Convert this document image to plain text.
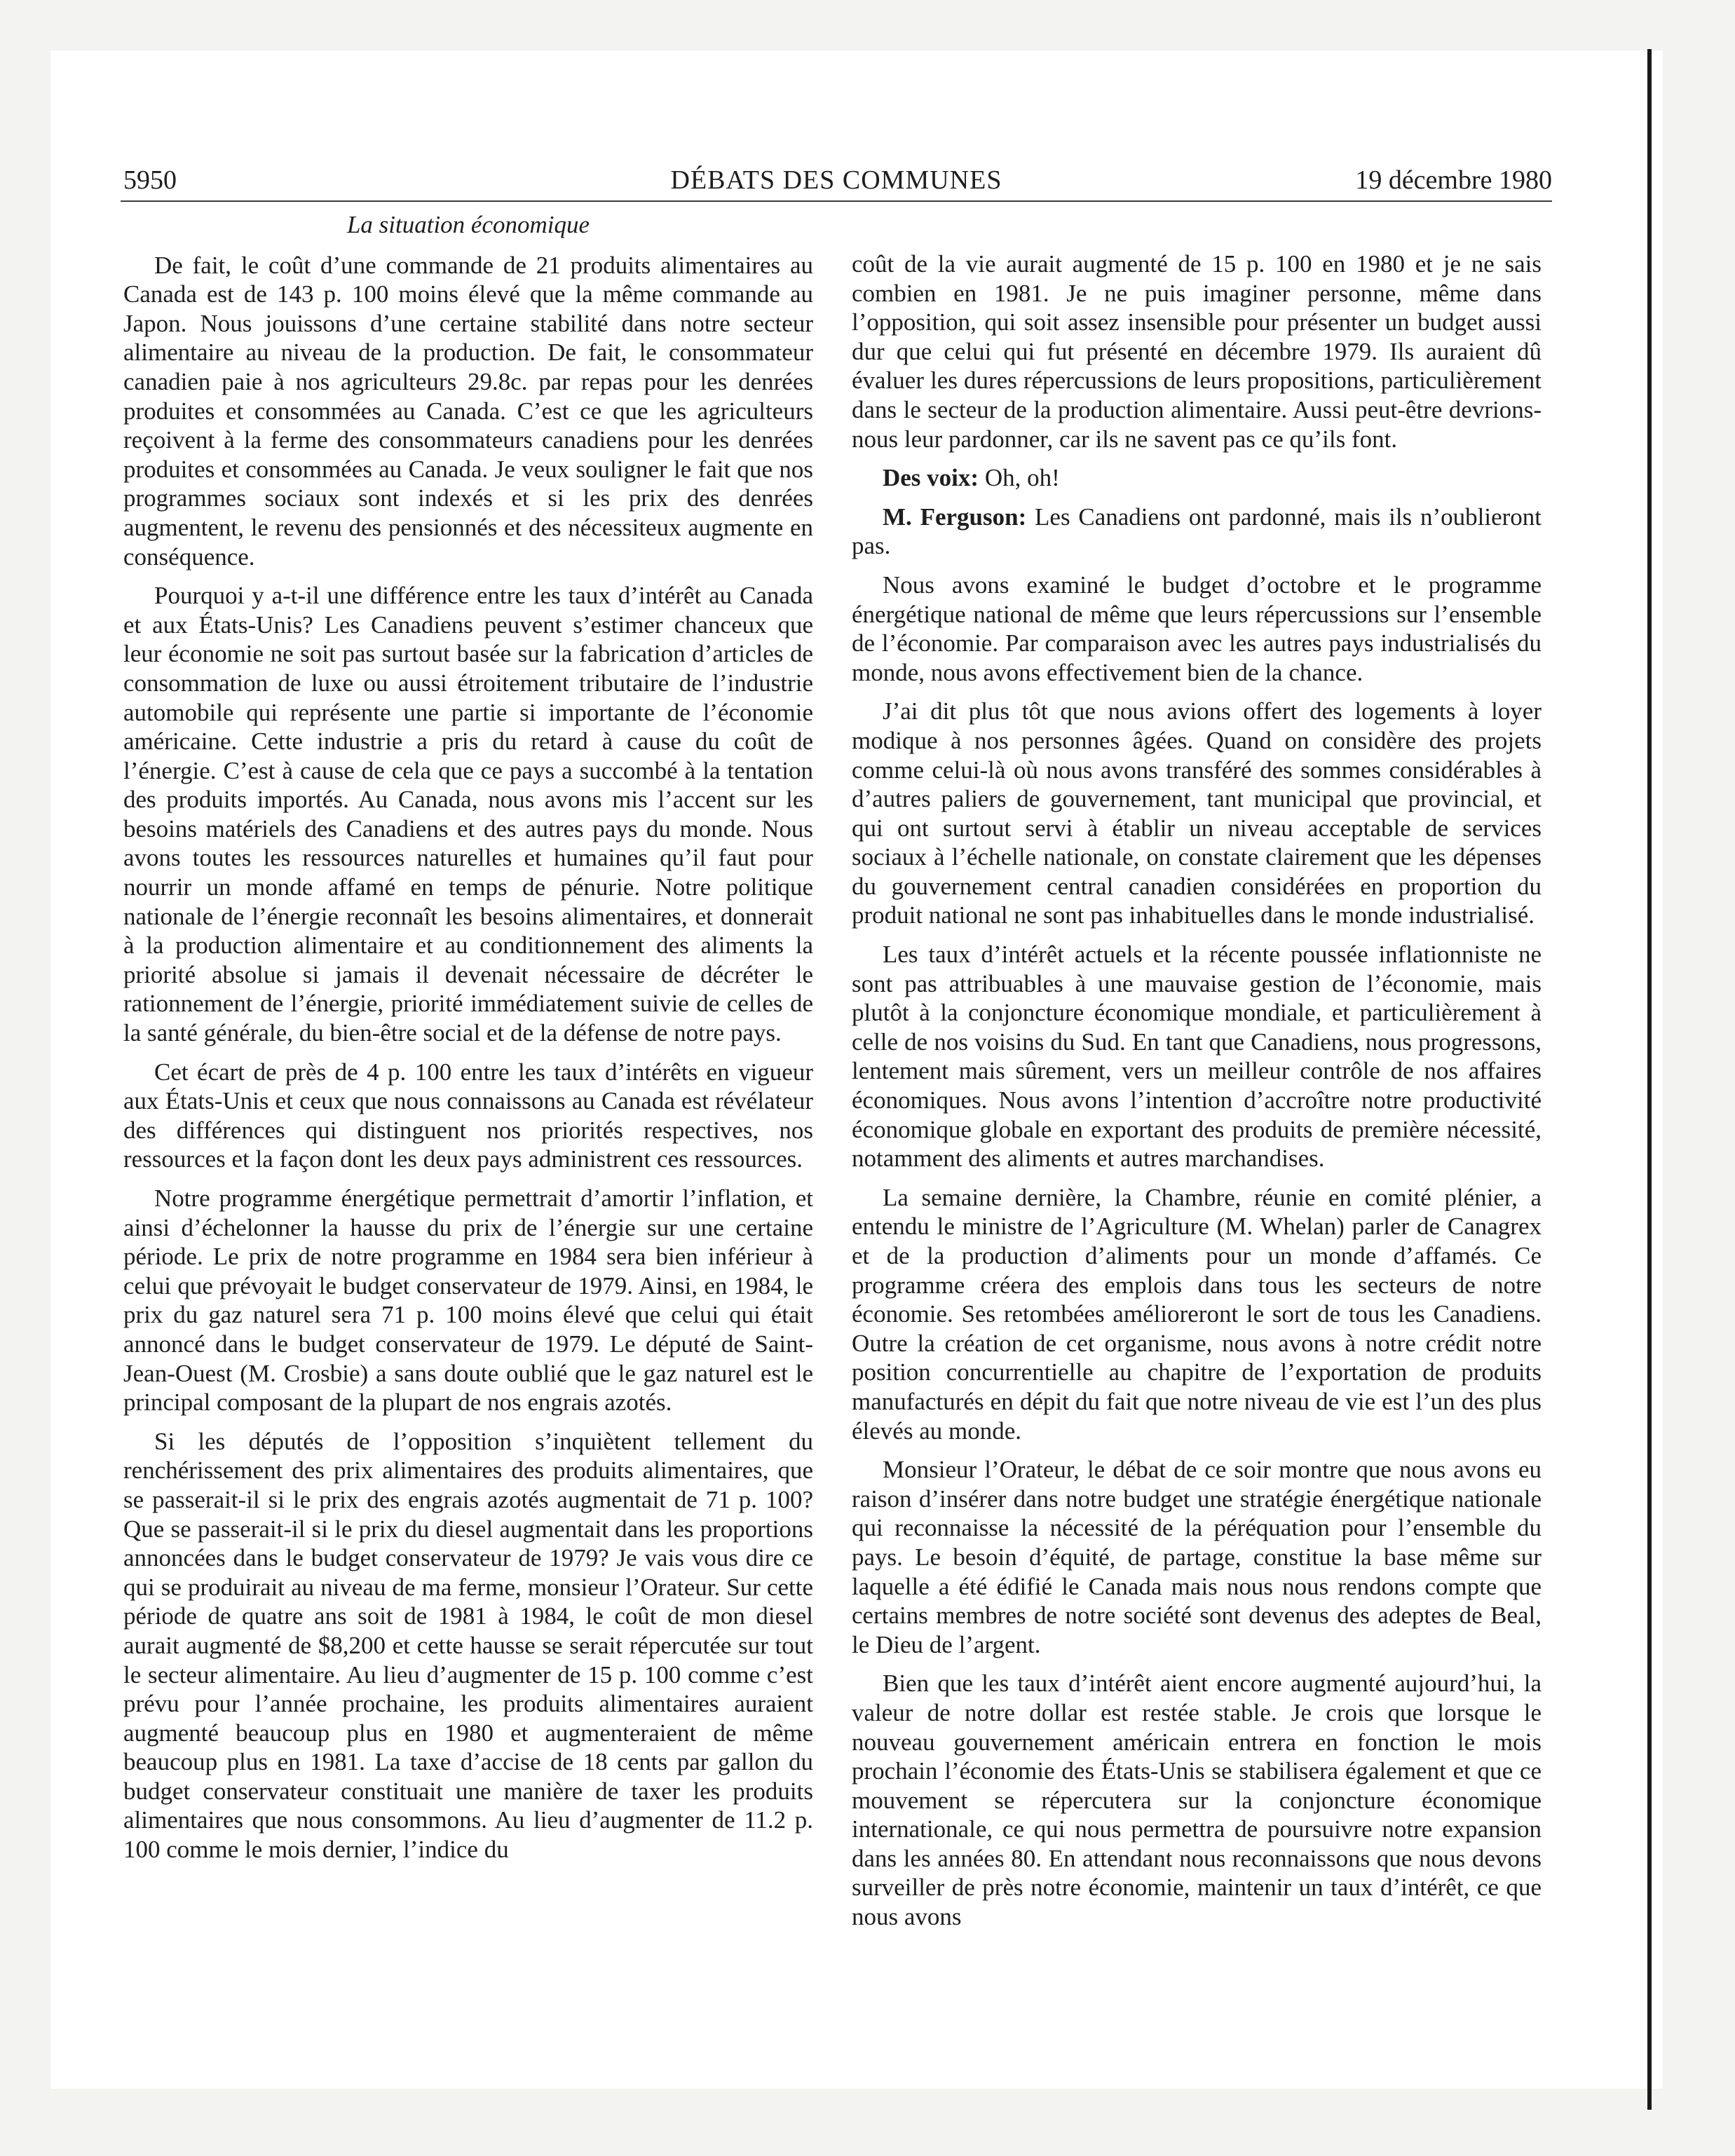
5950	DÉBATS DES COMMUNES	19 décembre 1980
La situation économique

De fait, le coût d’une commande de 21 produits alimentaires au Canada est de 143 p. 100 moins élevé que la même commande au Japon. Nous jouissons d’une certaine stabilité dans notre secteur alimentaire au niveau de la production. De fait, le consommateur canadien paie à nos agriculteurs 29.8c. par repas pour les denrées produites et consommées au Canada. C’est ce que les agriculteurs reçoivent à la ferme des consommateurs canadiens pour les denrées produites et consommées au Canada. Je veux souligner le fait que nos programmes sociaux sont indexés et si les prix des denrées augmentent, le revenu des pensionnés et des nécessiteux augmente en conséquence.

Pourquoi y a-t-il une différence entre les taux d’intérêt au Canada et aux États-Unis? Les Canadiens peuvent s’estimer chanceux que leur économie ne soit pas surtout basée sur la fabrication d’articles de consommation de luxe ou aussi étroitement tributaire de l’industrie automobile qui représente une partie si importante de l’économie américaine. Cette industrie a pris du retard à cause du coût de l’énergie. C’est à cause de cela que ce pays a succombé à la tentation des produits importés. Au Canada, nous avons mis l’accent sur les besoins matériels des Canadiens et des autres pays du monde. Nous avons toutes les ressources naturelles et humaines qu’il faut pour nourrir un monde affamé en temps de pénurie. Notre politique nationale de l’énergie reconnaît les besoins alimentaires, et donnerait à la production alimentaire et au conditionnement des aliments la priorité absolue si jamais il devenait nécessaire de décréter le rationnement de l’énergie, priorité immédiatement suivie de celles de la santé générale, du bien-être social et de la défense de notre pays.

Cet écart de près de 4 p. 100 entre les taux d’intérêts en vigueur aux États-Unis et ceux que nous connaissons au Canada est révélateur des différences qui distinguent nos priorités respectives, nos ressources et la façon dont les deux pays administrent ces ressources.

Notre programme énergétique permettrait d’amortir l’inflation, et ainsi d’échelonner la hausse du prix de l’énergie sur une certaine période. Le prix de notre programme en 1984 sera bien inférieur à celui que prévoyait le budget conservateur de 1979. Ainsi, en 1984, le prix du gaz naturel sera 71 p. 100 moins élevé que celui qui était annoncé dans le budget conservateur de 1979. Le député de Saint-Jean-Ouest (M. Crosbie) a sans doute oublié que le gaz naturel est le principal composant de la plupart de nos engrais azotés.

Si les députés de l’opposition s’inquiètent tellement du renchérissement des prix alimentaires des produits alimentaires, que se passerait-il si le prix des engrais azotés augmentait de 71 p. 100? Que se passerait-il si le prix du diesel augmentait dans les proportions annoncées dans le budget conservateur de 1979? Je vais vous dire ce qui se produirait au niveau de ma ferme, monsieur l’Orateur. Sur cette période de quatre ans soit de 1981 à 1984, le coût de mon diesel aurait augmenté de $8,200 et cette hausse se serait répercutée sur tout le secteur alimentaire. Au lieu d’augmenter de 15 p. 100 comme c’est prévu pour l’année prochaine, les produits alimentaires auraient augmenté beaucoup plus en 1980 et augmenteraient de même beaucoup plus en 1981. La taxe d’accise de 18 cents par gallon du budget conservateur constituait une manière de taxer les produits alimentaires que nous consommons. Au lieu d’augmenter de 11.2 p. 100 comme le mois dernier, l’indice du

coût de la vie aurait augmenté de 15 p. 100 en 1980 et je ne sais combien en 1981. Je ne puis imaginer personne, même dans l’opposition, qui soit assez insensible pour présenter un budget aussi dur que celui qui fut présenté en décembre 1979. Ils auraient dû évaluer les dures répercussions de leurs propositions, particulièrement dans le secteur de la production alimentaire. Aussi peut-être devrions-nous leur pardonner, car ils ne savent pas ce qu’ils font.

Des voix: Oh, oh!

M. Ferguson: Les Canadiens ont pardonné, mais ils n’oublieront pas.

Nous avons examiné le budget d’octobre et le programme énergétique national de même que leurs répercussions sur l’ensemble de l’économie. Par comparaison avec les autres pays industrialisés du monde, nous avons effectivement bien de la chance.

J’ai dit plus tôt que nous avions offert des logements à loyer modique à nos personnes âgées. Quand on considère des projets comme celui-là où nous avons transféré des sommes considérables à d’autres paliers de gouvernement, tant municipal que provincial, et qui ont surtout servi à établir un niveau acceptable de services sociaux à l’échelle nationale, on constate clairement que les dépenses du gouvernement central canadien considérées en proportion du produit national ne sont pas inhabituelles dans le monde industrialisé.

Les taux d’intérêt actuels et la récente poussée inflationniste ne sont pas attribuables à une mauvaise gestion de l’économie, mais plutôt à la conjoncture économique mondiale, et particulièrement à celle de nos voisins du Sud. En tant que Canadiens, nous progressons, lentement mais sûrement, vers un meilleur contrôle de nos affaires économiques. Nous avons l’intention d’accroître notre productivité économique globale en exportant des produits de première nécessité, notamment des aliments et autres marchandises.

La semaine dernière, la Chambre, réunie en comité plénier, a entendu le ministre de l’Agriculture (M. Whelan) parler de Canagrex et de la production d’aliments pour un monde d’affamés. Ce programme créera des emplois dans tous les secteurs de notre économie. Ses retombées amélioreront le sort de tous les Canadiens. Outre la création de cet organisme, nous avons à notre crédit notre position concurrentielle au chapitre de l’exportation de produits manufacturés en dépit du fait que notre niveau de vie est l’un des plus élevés au monde.

Monsieur l’Orateur, le débat de ce soir montre que nous avons eu raison d’insérer dans notre budget une stratégie énergétique nationale qui reconnaisse la nécessité de la péréquation pour l’ensemble du pays. Le besoin d’équité, de partage, constitue la base même sur laquelle a été édifié le Canada mais nous nous rendons compte que certains membres de notre société sont devenus des adeptes de Beal, le Dieu de l’argent.

Bien que les taux d’intérêt aient encore augmenté aujourd’hui, la valeur de notre dollar est restée stable. Je crois que lorsque le nouveau gouvernement américain entrera en fonction le mois prochain l’économie des États-Unis se stabilisera également et que ce mouvement se répercutera sur la conjoncture économique internationale, ce qui nous permettra de poursuivre notre expansion dans les années 80. En attendant nous reconnaissons que nous devons surveiller de près notre économie, maintenir un taux d’intérêt, ce que nous avons
